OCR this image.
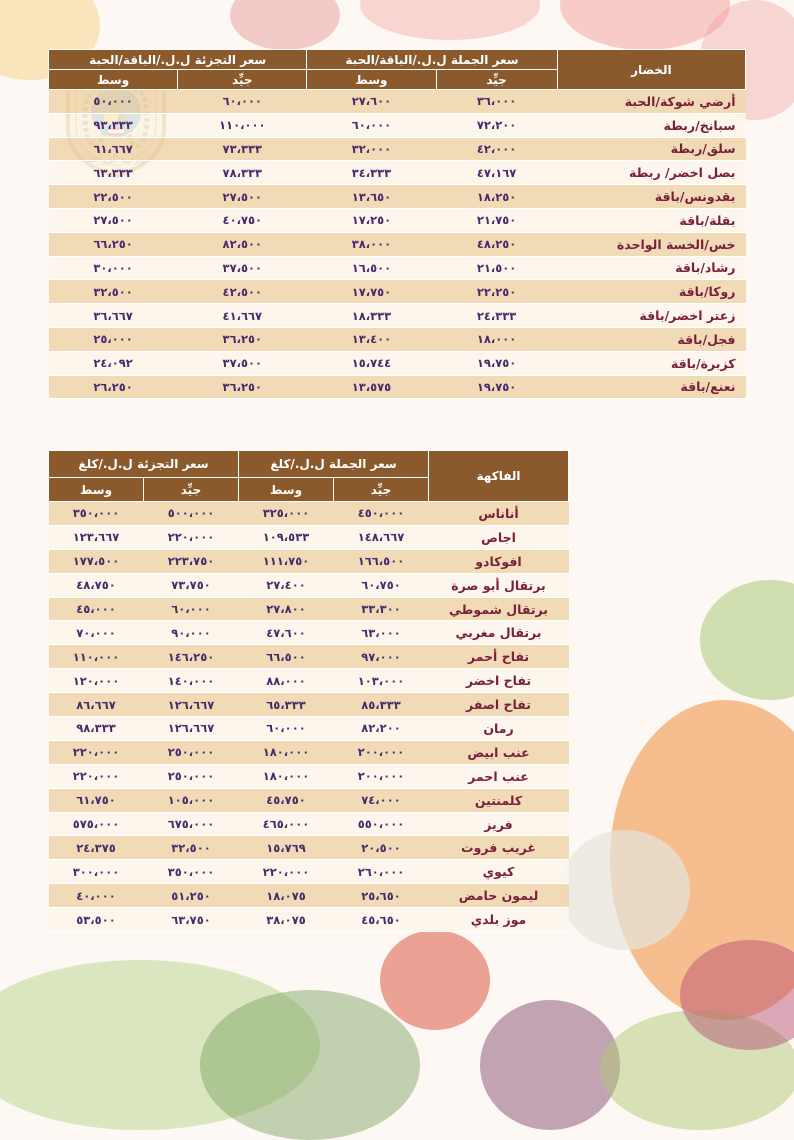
الخضار	سعر الجملة ل.ل./الباقة/الحبة		سعر التجزئة ل.ل./الباقة/الحبة	
	جيِّد	وسط	جيِّد	وسط
أرضي شوكة/الحبة	٣٦،٠٠٠	٢٧،٦٠٠	٦٠،٠٠٠	٥٠،٠٠٠
سبانخ/ربطة	٧٢،٢٠٠	٦٠،٠٠٠	١١٠،٠٠٠	٩٣،٣٣٣
سلق/ربطة	٤٢،٠٠٠	٣٢،٠٠٠	٧٣،٣٣٣	٦١،٦٦٧
بصل اخضر/ ربطة	٤٧،١٦٧	٣٤،٣٣٣	٧٨،٣٣٣	٦٣،٣٣٣
بقدونس/باقة	١٨،٢٥٠	١٣،٦٥٠	٢٧،٥٠٠	٢٢،٥٠٠
بقلة/باقة	٢١،٧٥٠	١٧،٢٥٠	٤٠،٧٥٠	٢٧،٥٠٠
خس/الخسة الواحدة	٤٨،٢٥٠	٣٨،٠٠٠	٨٢،٥٠٠	٦٦،٢٥٠
رشاد/باقة	٢١،٥٠٠	١٦،٥٠٠	٣٧،٥٠٠	٣٠،٠٠٠
روكا/باقة	٢٢،٢٥٠	١٧،٧٥٠	٤٢،٥٠٠	٣٢،٥٠٠
زعتر اخضر/باقة	٢٤،٣٣٣	١٨،٣٣٣	٤١،٦٦٧	٣٦،٦٦٧
فجل/باقة	١٨،٠٠٠	١٣،٤٠٠	٣٦،٢٥٠	٢٥،٠٠٠
كزبرة/باقة	١٩،٧٥٠	١٥،٧٤٤	٣٧،٥٠٠	٢٤،٠٩٢
نعنع/باقة	١٩،٧٥٠	١٣،٥٧٥	٣٦،٢٥٠	٢٦،٢٥٠
الفاكهة	سعر الجملة ل.ل./كلغ		سعر التجزئة ل.ل./كلغ	
	جيِّد	وسط	جيِّد	وسط
أناناس	٤٥٠،٠٠٠	٣٢٥،٠٠٠	٥٠٠،٠٠٠	٣٥٠،٠٠٠
اجاص	١٤٨،٦٦٧	١٠٩،٥٣٣	٢٢٠،٠٠٠	١٢٣،٦٦٧
افوكادو	١٦٦،٥٠٠	١١١،٧٥٠	٢٢٣،٧٥٠	١٧٧،٥٠٠
برتقال أبو صرة	٦٠،٧٥٠	٢٧،٤٠٠	٧٣،٧٥٠	٤٨،٧٥٠
برتقال شموطي	٣٣،٣٠٠	٢٧،٨٠٠	٦٠،٠٠٠	٤٥،٠٠٠
برتقال مغربي	٦٣،٠٠٠	٤٧،٦٠٠	٩٠،٠٠٠	٧٠،٠٠٠
تفاح أحمر	٩٧،٠٠٠	٦٦،٥٠٠	١٤٦،٢٥٠	١١٠،٠٠٠
تفاح اخضر	١٠٣،٠٠٠	٨٨،٠٠٠	١٤٠،٠٠٠	١٢٠،٠٠٠
تفاح اصفر	٨٥،٣٣٣	٦٥،٣٣٣	١٢٦،٦٦٧	٨٦،٦٦٧
رمان	٨٢،٢٠٠	٦٠،٠٠٠	١٢٦،٦٦٧	٩٨،٣٣٣
عنب ابيض	٢٠٠،٠٠٠	١٨٠،٠٠٠	٢٥٠،٠٠٠	٢٢٠،٠٠٠
عنب احمر	٢٠٠،٠٠٠	١٨٠،٠٠٠	٢٥٠،٠٠٠	٢٢٠،٠٠٠
كلمنتين	٧٤،٠٠٠	٤٥،٧٥٠	١٠٥،٠٠٠	٦١،٧٥٠
فريز	٥٥٠،٠٠٠	٤٦٥،٠٠٠	٦٧٥،٠٠٠	٥٧٥،٠٠٠
غريب فروت	٢٠،٥٠٠	١٥،٧٦٩	٣٢،٥٠٠	٢٤،٣٧٥
كيوي	٢٦٠،٠٠٠	٢٢٠،٠٠٠	٣٥٠،٠٠٠	٣٠٠،٠٠٠
ليمون حامض	٢٥،٦٥٠	١٨،٠٧٥	٥١،٢٥٠	٤٠،٠٠٠
موز بلدي	٤٥،٦٥٠	٣٨،٠٧٥	٦٣،٧٥٠	٥٣،٥٠٠
